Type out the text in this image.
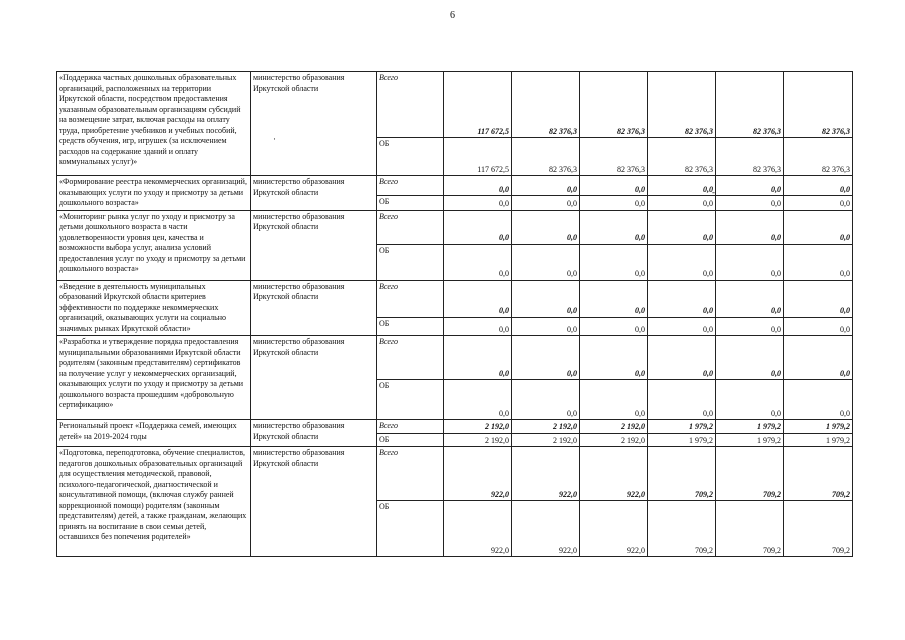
6
«Поддержка частных дошкольных образовательных организаций, расположенных на территории Иркутской области, посредством предоставления указанным образовательным организациям субсидий на возмещение затрат, включая расходы на оплату труда, приобретение учебников и учебных пособий, средств обучения, игр, игрушек (за исключением расходов на содержание зданий и оплату коммунальных услуг)»	министерство образования Иркутской области	Всего	117 672,5	82 376,3	82 376,3	82 376,3	82 376,3	82 376,3
		ОБ	117 672,5	82 376,3	82 376,3	82 376,3	82 376,3	82 376,3
«Формирование реестра некоммерческих организаций, оказывающих услуги по уходу и присмотру за детьми дошкольного возраста»	министерство образования Иркутской области	Всего	0,0	0,0	0,0	0,0	0,0	0,0
		ОБ	0,0	0,0	0,0	0,0	0,0	0,0
«Мониторинг рынка услуг по уходу и присмотру за детьми дошкольного возраста в части удовлетворенности уровня цен, качества и возможности выбора услуг, анализа условий предоставления услуг по уходу и присмотру за детьми дошкольного возраста»	министерство образования Иркутской области	Всего	0,0	0,0	0,0	0,0	0,0	0,0
		ОБ	0,0	0,0	0,0	0,0	0,0	0,0
«Введение в деятельность муниципальных образований Иркутской области критериев эффективности по поддержке некоммерческих организаций, оказывающих услуги на социально значимых рынках Иркутской области»	министерство образования Иркутской области	Всего	0,0	0,0	0,0	0,0	0,0	0,0
		ОБ	0,0	0,0	0,0	0,0	0,0	0,0
«Разработка и утверждение порядка предоставления муниципальными образованиями Иркутской области родителям (законным представителям) сертификатов на получение услуг у некоммерческих организаций, оказывающих услуги по уходу и присмотру за детьми дошкольного возраста прошедшим «добровольную сертификацию»	министерство образования Иркутской области	Всего	0,0	0,0	0,0	0,0	0,0	0,0
		ОБ	0,0	0,0	0,0	0,0	0,0	0,0
Региональный проект «Поддержка семей, имеющих детей» на 2019-2024 годы	министерство образования Иркутской области	Всего	2 192,0	2 192,0	2 192,0	1 979,2	1 979,2	1 979,2
		ОБ	2 192,0	2 192,0	2 192,0	1 979,2	1 979,2	1 979,2
«Подготовка, переподготовка, обучение специалистов, педагогов дошкольных образовательных организаций для осуществления методической, правовой, психолого-педагогической, диагностической и консультативной помощи, (включая службу ранней коррекционной помощи) родителям (законным представителям) детей, а также гражданам, желающих принять на воспитание в свои семьи детей, оставшихся без попечения родителей»	министерство образования Иркутской области	Всего	922,0	922,0	922,0	709,2	709,2	709,2
		ОБ	922,0	922,0	922,0	709,2	709,2	709,2
·
-
